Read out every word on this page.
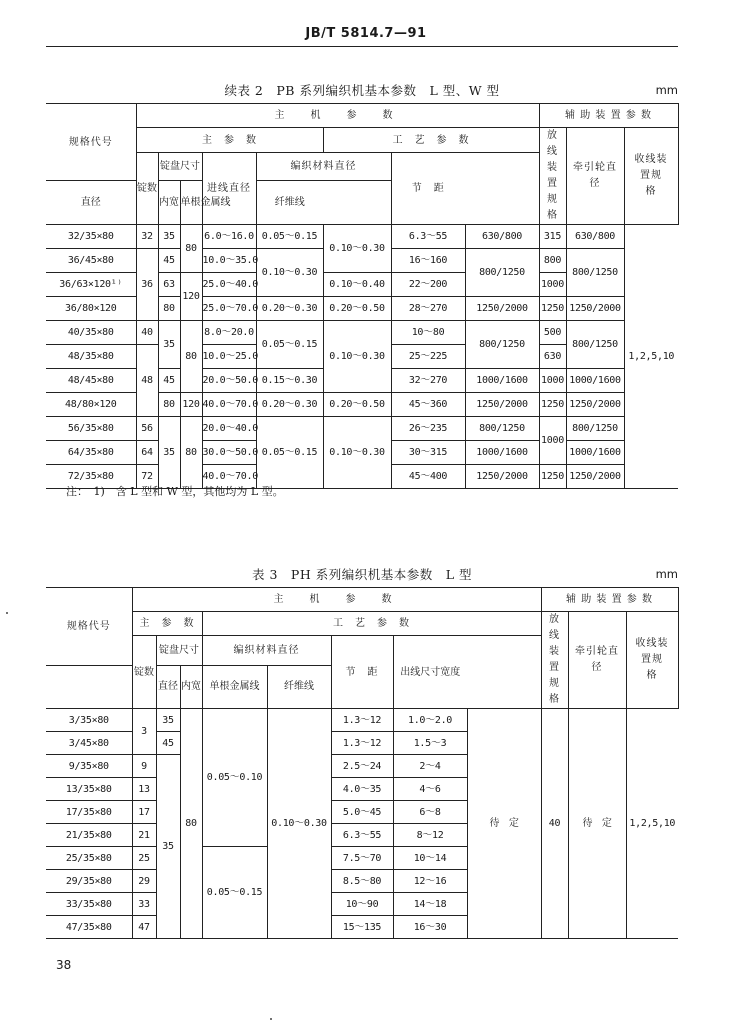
JB/T 5814.7—91
续表 2　PB 系列编织机基本参数　L 型、W 型	mm
规格代号	主　机　参　数								辅 助 装 置 参 数	
	主　参　数					工　艺　参　数			放线装置规　格	牵引轮直径	收线装置规　格	
	锭数	锭盘尺寸		进线直径	编织材料直径		节　距					
直径		内宽	单根金属线		纤维线							

32/35×80	32	35	80	6.0～16.0	0.05～0.15	0.10～0.30	6.3～55	630/800	315	630/800	1,2,5,10	
36/45×80	36	45		10.0～35.0	0.10～0.30		16～160	800/1250	800	800/1250		
36/63×120¹⁾		63	120	25.0～40.0		0.10～0.40	22～200		1000			
36/80×120		80		25.0～70.0	0.20～0.30	0.20～0.50	28～270	1250/2000	1250	1250/2000		
40/35×80	40	35	80	8.0～20.0	0.05～0.15	0.10～0.30	10～80	800/1250	500	800/1250		
48/35×80	48			10.0～25.0			25～225		630			
48/45×80		45		20.0～50.0	0.15～0.30		32～270	1000/1600	1000	1000/1600		
48/80×120		80	120	40.0～70.0	0.20～0.30	0.20～0.50	45～360	1250/2000	1250	1250/2000		
56/35×80	56	35	80	20.0～40.0	0.05～0.15	0.10～0.30	26～235	800/1250	1000	800/1250		
64/35×80	64			30.0～50.0			30～315	1000/1600		1000/1600		
72/35×80	72			40.0～70.0			45～400	1250/2000	1250	1250/2000		
注：　1)　含 L 型和 W 型，其他均为 L 型。
表 3　PH 系列编织机基本参数　L 型	mm
规格代号	主　机　参　数								辅 助 装 置 参 数	
	主　参　数			工　艺　参　数					放线装置规　格	牵引轮直径	收线装置规　格	
	锭数	锭盘尺寸		编织材料直径		节　距	出线尺寸宽度					
		直径	内宽	单根金属线	纤维线							

3/35×80	3	35	80	0.05～0.10	0.10～0.30	1.3～12	1.0～2.0	待　定	40	待　定	1,2,5,10	
3/45×80		45				1.3～12	1.5～3					
9/35×80	9	35				2.5～24	2～4					
13/35×80	13					4.0～35	4～6					
17/35×80	17					5.0～45	6～8					
21/35×80	21					6.3～55	8～12					
25/35×80	25			0.05～0.15		7.5～70	10～14					
29/35×80	29					8.5～80	12～16					
33/35×80	33					10～90	14～18					
47/35×80	47					15～135	16～30					
38
